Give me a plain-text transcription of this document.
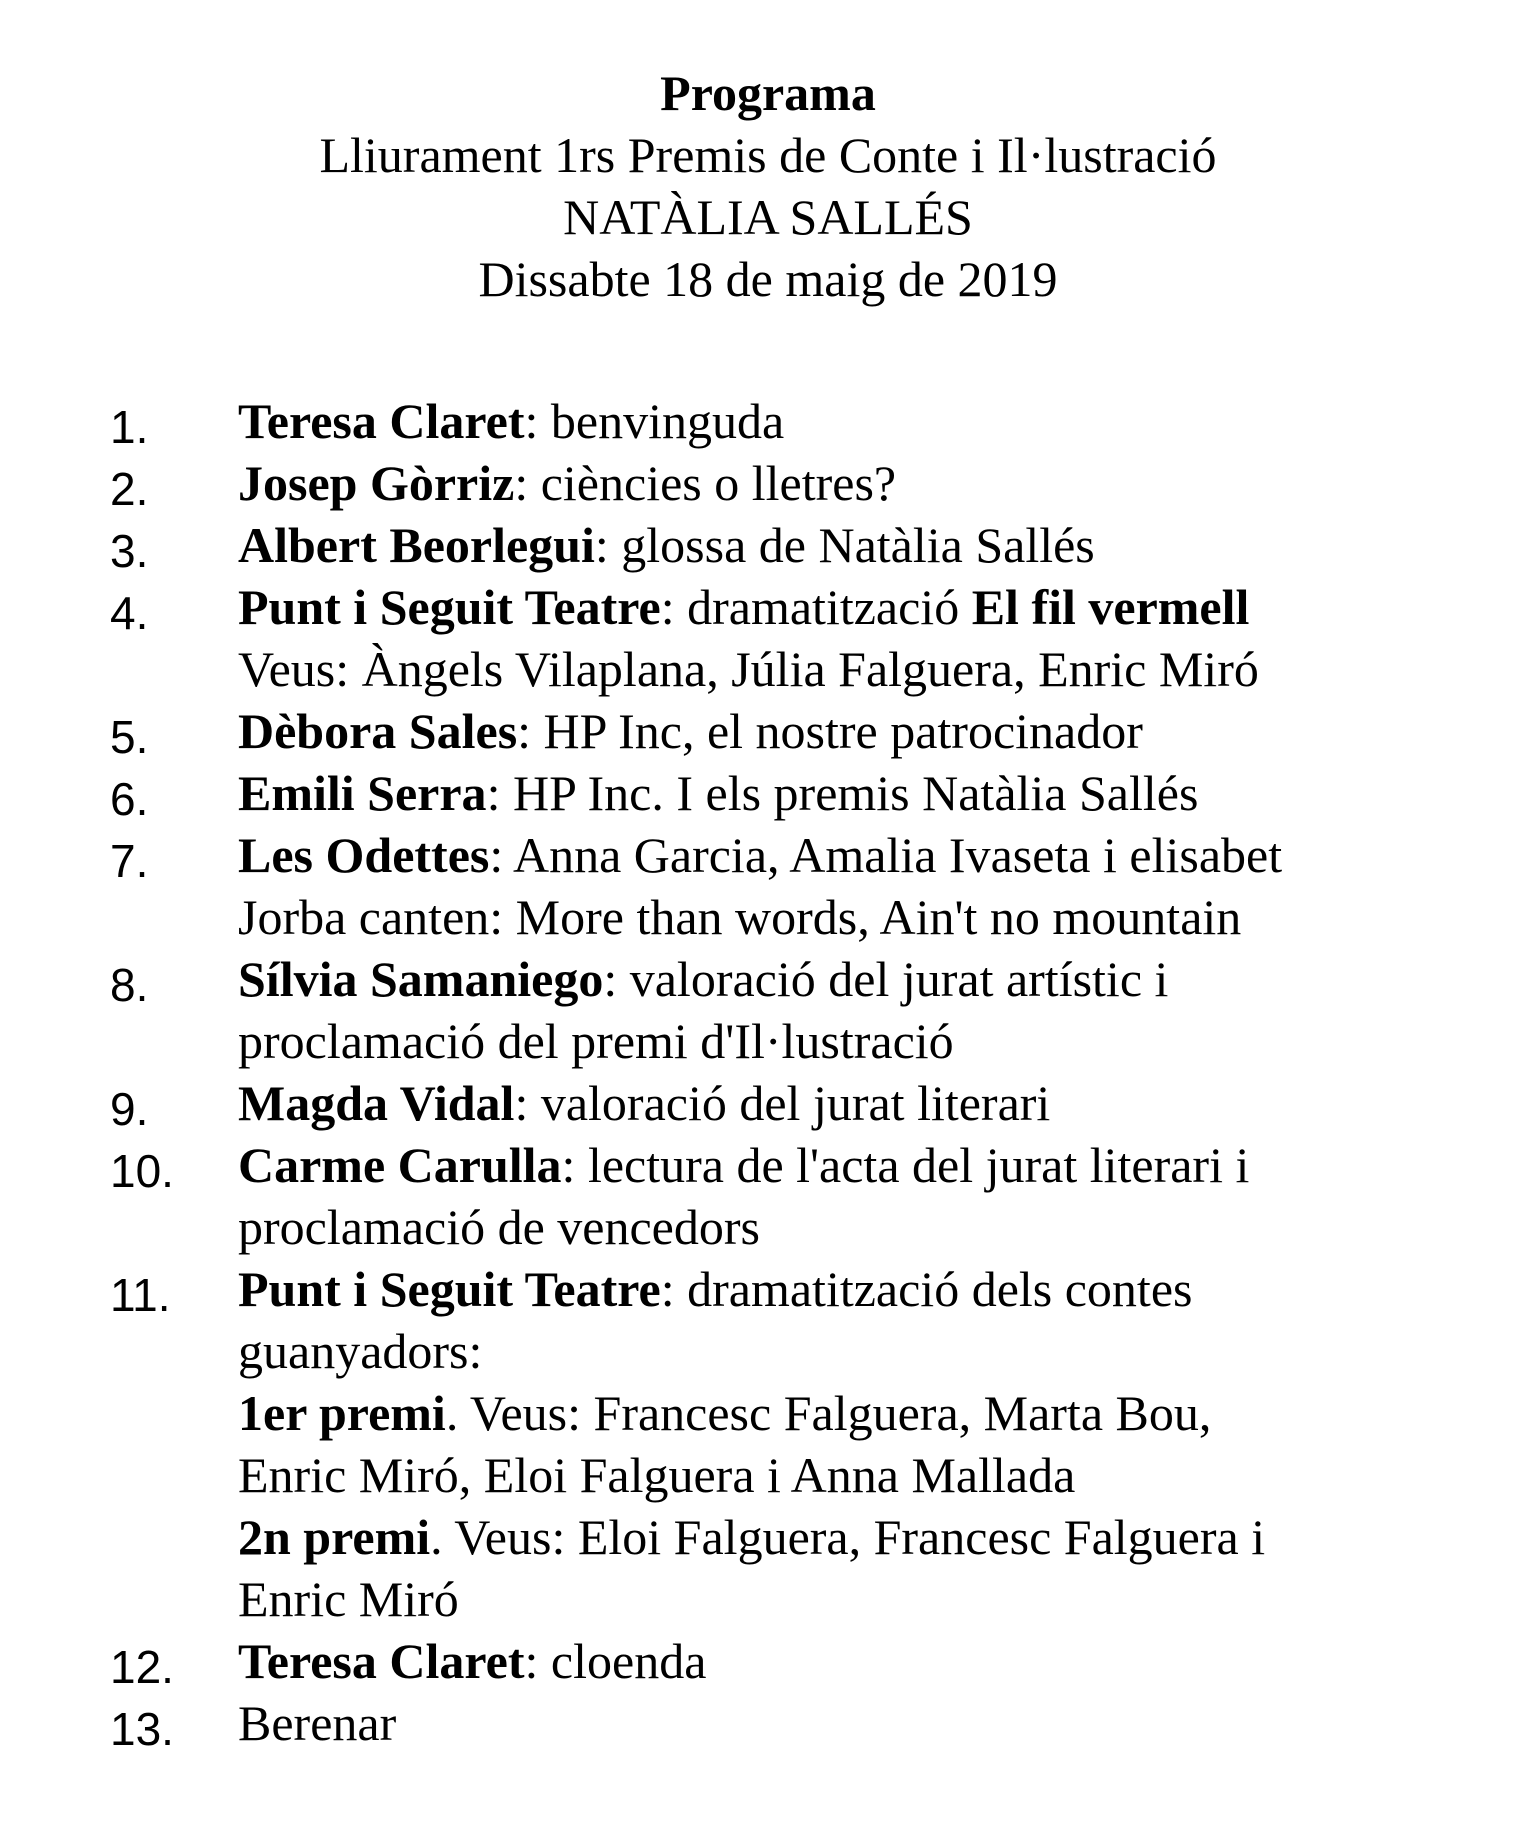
Programa
Lliurament 1rs Premis de Conte i Il·lustració
NATÀLIA SALLÉS
Dissabte 18 de maig de 2019
1. Teresa Claret: benvinguda
2. Josep Gòrriz: ciències o lletres?
3. Albert Beorlegui: glossa de Natàlia Sallés
4. Punt i Seguit Teatre: dramatització El fil vermell
Veus: Àngels Vilaplana, Júlia Falguera, Enric Miró
5. Dèbora Sales: HP Inc, el nostre patrocinador
6. Emili Serra: HP Inc. I els premis Natàlia Sallés
7. Les Odettes: Anna Garcia, Amalia Ivaseta i elisabet
Jorba canten: More than words, Ain't no mountain
8. Sílvia Samaniego: valoració del jurat artístic i
proclamació del premi d'Il·lustració
9. Magda Vidal: valoració del jurat literari
10. Carme Carulla: lectura de l'acta del jurat literari i
proclamació de vencedors
11. Punt i Seguit Teatre: dramatització dels contes
guanyadors:
1er premi. Veus: Francesc Falguera, Marta Bou,
Enric Miró, Eloi Falguera i Anna Mallada
2n premi. Veus: Eloi Falguera, Francesc Falguera i
Enric Miró
12. Teresa Claret: cloenda
13. Berenar
